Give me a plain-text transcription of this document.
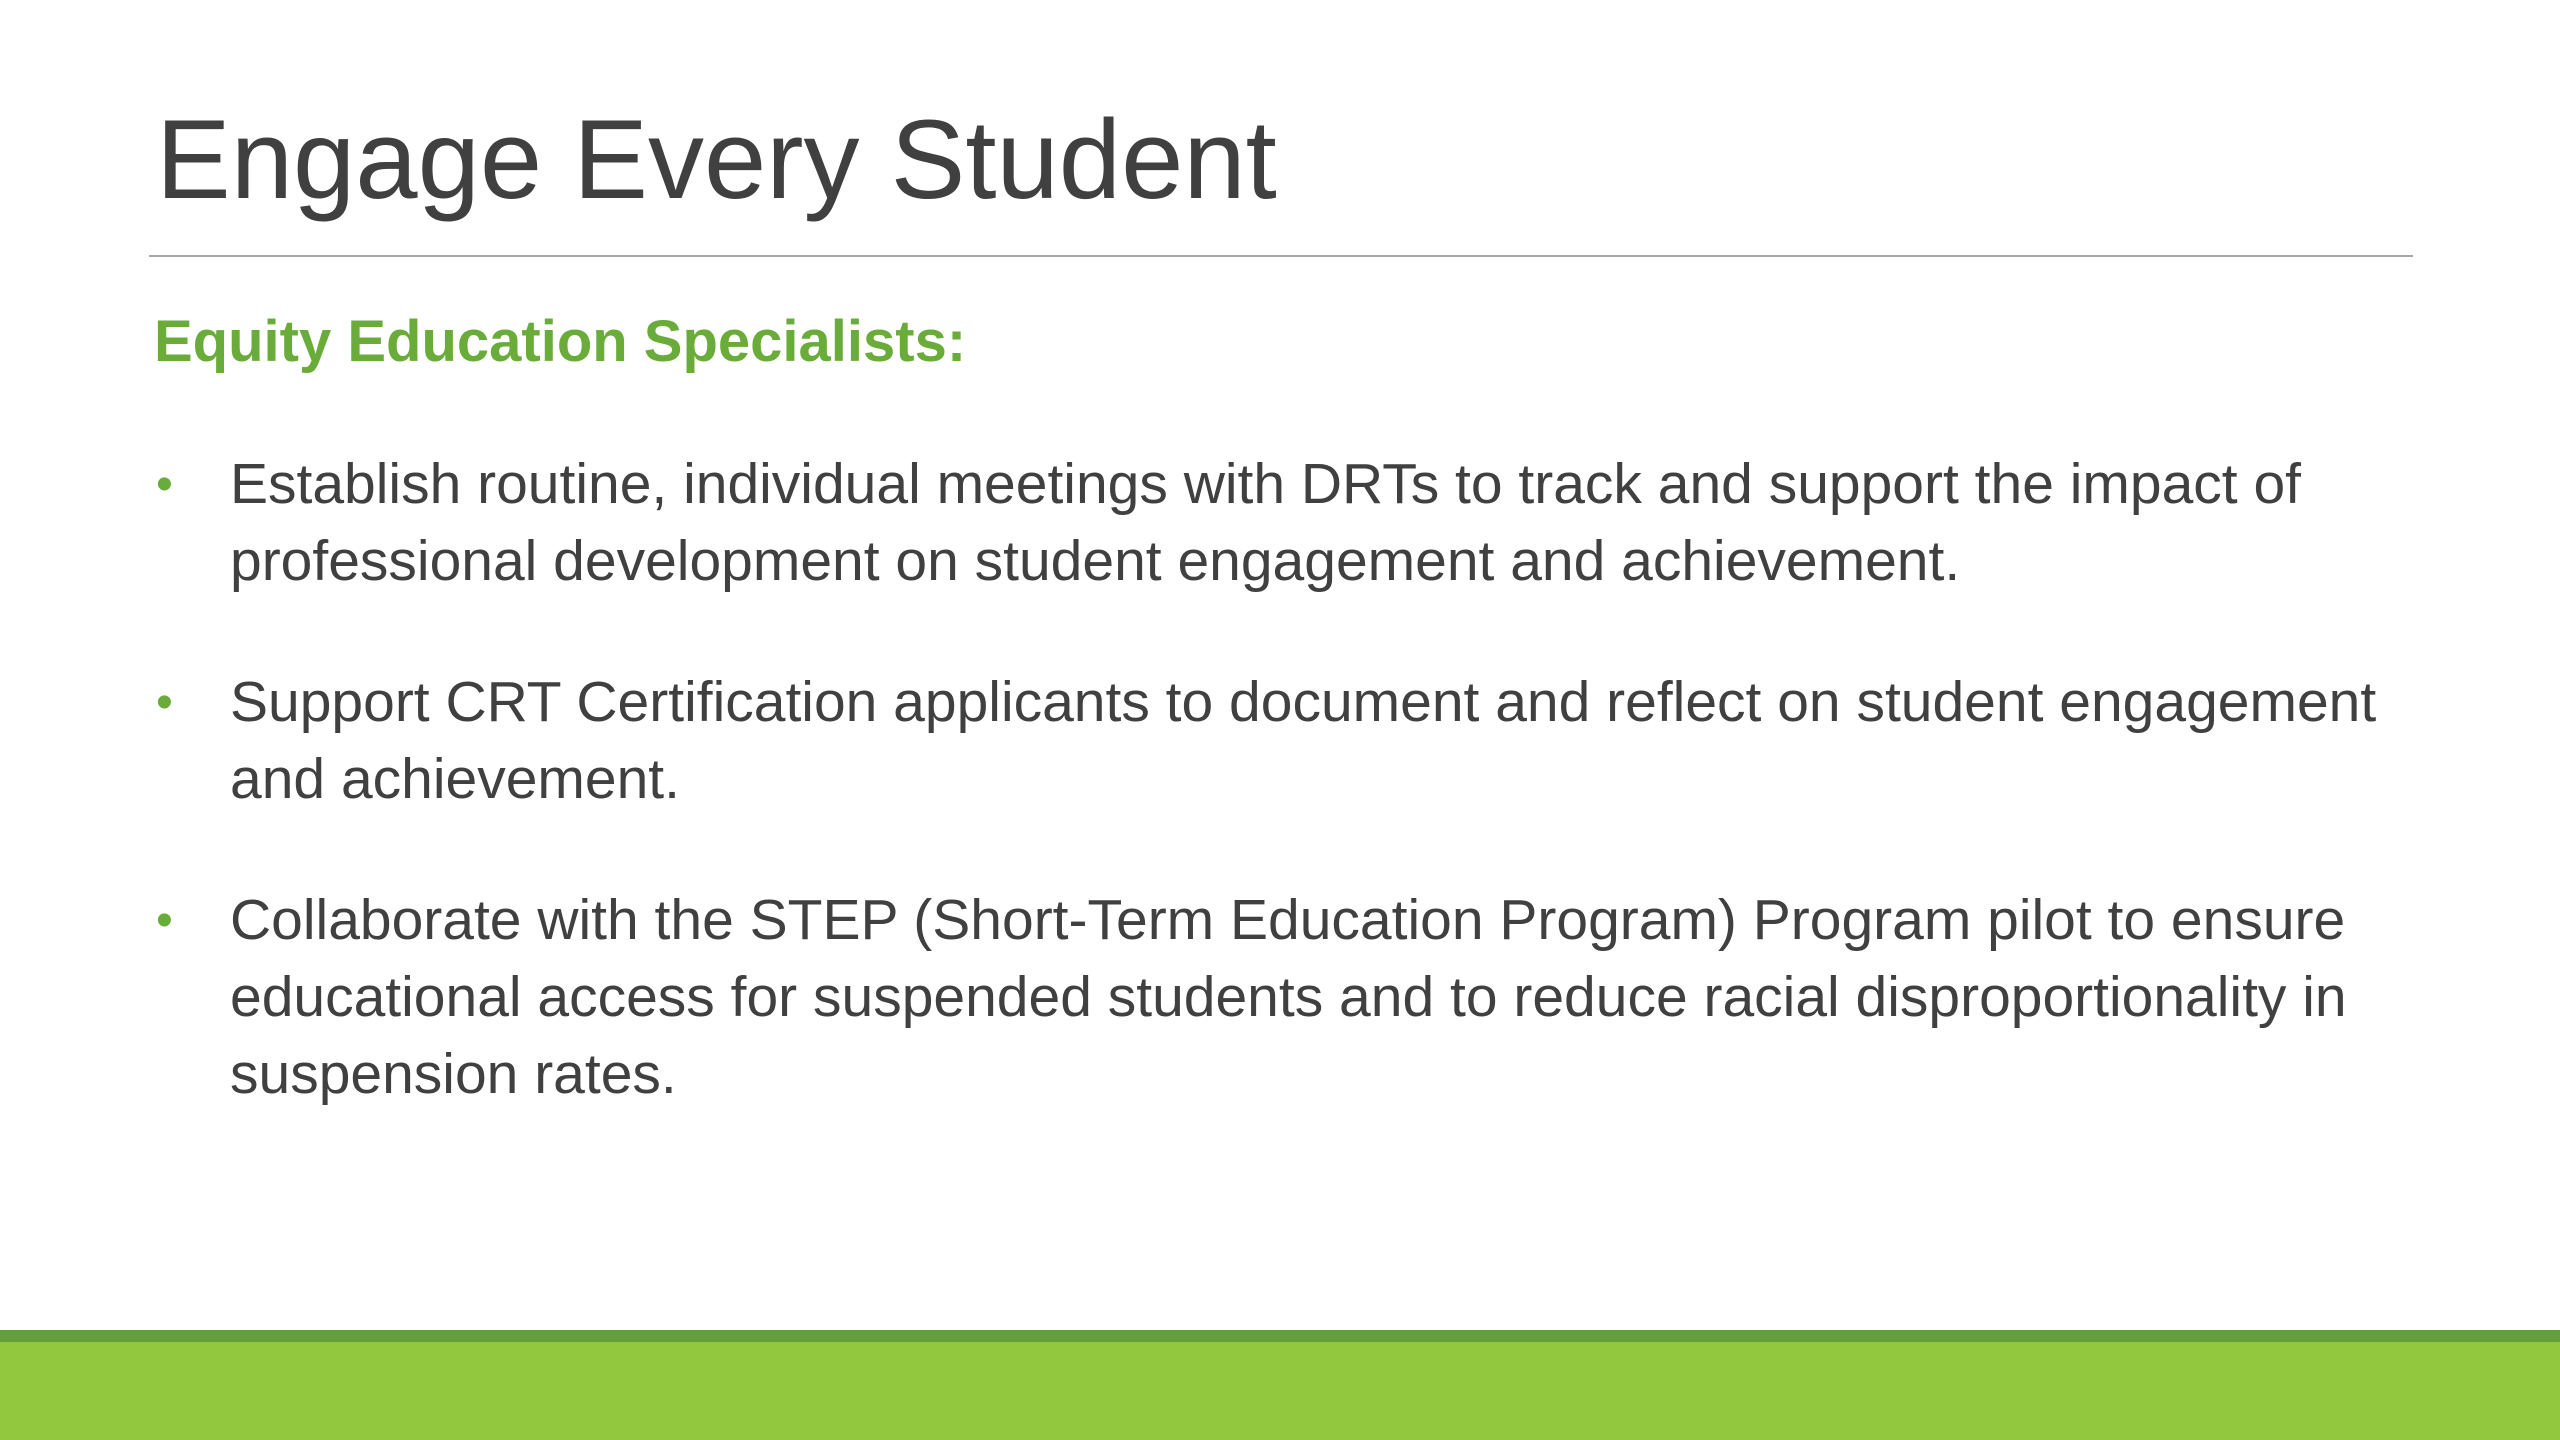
Engage Every Student
Equity Education Specialists:
• Establish routine, individual meetings with DRTs to track and support the impact of professional development on student engagement and achievement.
• Support CRT Certification applicants to document and reflect on student engagement and achievement.
• Collaborate with the STEP (Short-Term Education Program) Program pilot to ensure educational access for suspended students and to reduce racial disproportionality in suspension rates.
